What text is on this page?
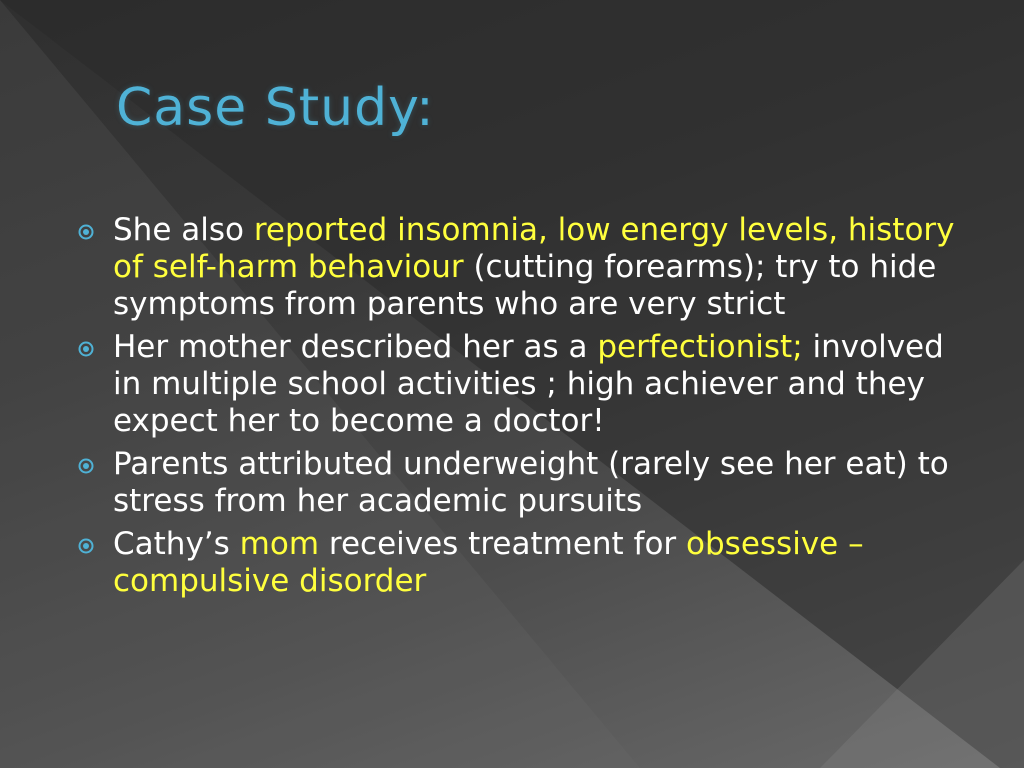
Case Study:
She also reported insomnia, low energy levels, history of self-harm behaviour (cutting forearms); try to hide symptoms from parents who are very strict
Her mother described her as a perfectionist; involved in multiple school activities ; high achiever and they expect her to become a doctor!
Parents attributed underweight (rarely see her eat) to stress from her academic pursuits
Cathy’s mom receives treatment for obsessive –compulsive disorder
